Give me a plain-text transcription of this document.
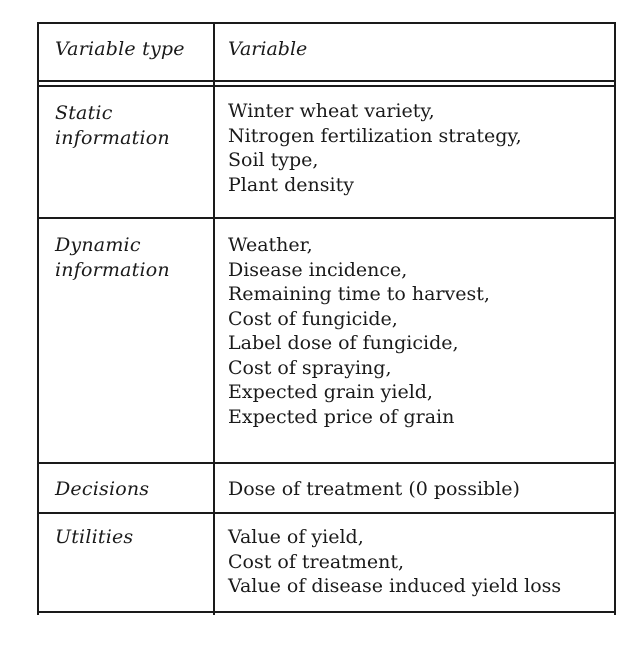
Variable type Variable
Static
information
Winter wheat variety,
Nitrogen fertilization strategy,
Soil type,
Plant density
Dynamic
information
Weather,
Disease incidence,
Remaining time to harvest,
Cost of fungicide,
Label dose of fungicide,
Cost of spraying,
Expected grain yield,
Expected price of grain
Decisions	Dose of treatment (0 possible)
Utilities	Value of yield,
Cost of treatment,
Value of disease induced yield loss
